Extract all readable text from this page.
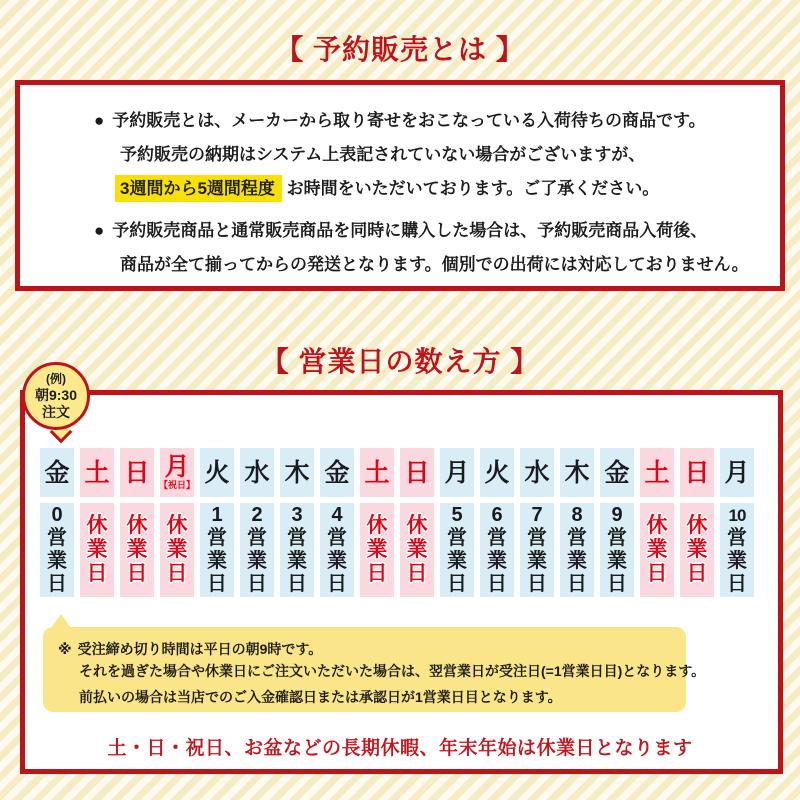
【 予約販売とは 】

● 予約販売とは、メーカーから取り寄せをおこなっている入荷待ちの商品です。

予約販売の納期はシステム上表記されていない場合がございますが、

3週間から5週間程度 お時間をいただいております。ご了承ください。

● 予約販売商品と通常販売商品を同時に購入した場合は、予約販売商品入荷後、

商品が全て揃ってからの発送となります。個別での出荷には対応しておりません。

【 営業日の数え方 】
(例)
朝9:30
注文
金
0
営
業
日
土
休
業
日
日
休
業
日
月
【祝日】
休
業
日
火
1
営
業
日
水
2
営
業
日
木
3
営
業
日
金
4
営
業
日
土
休
業
日
日
休
業
日
月
5
営
業
日
火
6
営
業
日
水
7
営
業
日
木
8
営
業
日
金
9
営
業
日
土
休
業
日
日
休
業
日
月
10
営
業
日

※ 受注締め切り時間は平日の朝9時です。

それを過ぎた場合や休業日にご注文いただいた場合は、翌営業日が受注日(=1営業日目)となります。

前払いの場合は当店でのご入金確認日または承認日が1営業日目となります。

土・日・祝日、お盆などの長期休暇、年末年始は休業日となります
